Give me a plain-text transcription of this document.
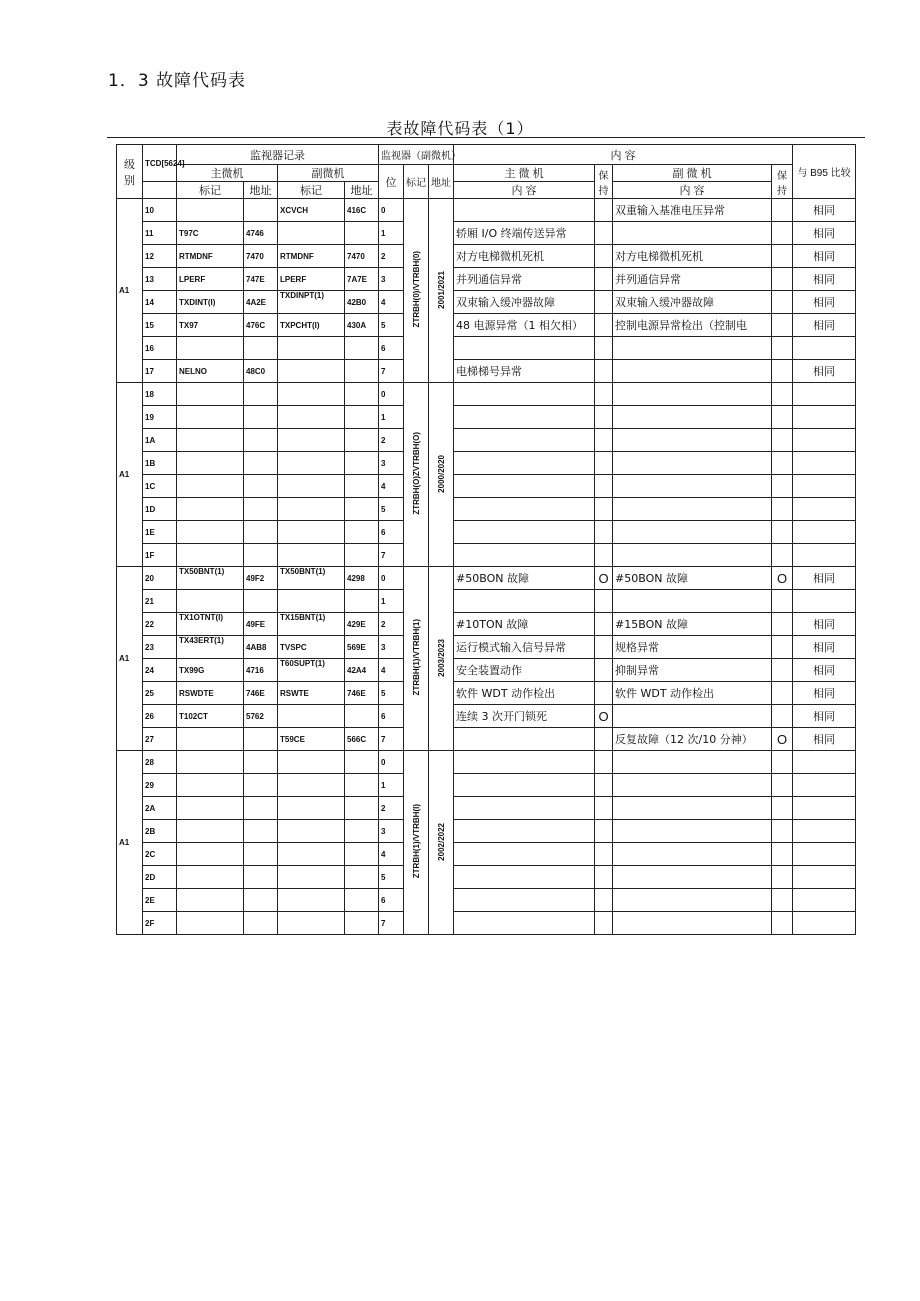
1．3 故障代码表
表故障代码表（1）
级别	TCD[5624]	监视器记录				监视器（副微机）			内 容				与 B95 比较
		主微机		副微机		位	标记	地址	主 微 机	保持	副 微 机	保持	
		标记	地址	标记	地址				内 容		内 容		
A1	10			XCVCH	416C	0	ZTRBH(0)/VTRBH(0)	2001/2021			双重输入基准电压异常		相同
	11	T97C	4746			1			轿厢 I/O 终端传送异常				相同
	12	RTMDNF	7470	RTMDNF	7470	2			对方电梯微机死机		对方电梯微机死机		相同
	13	LPERF	747E	LPERF	7A7E	3			并列通信异常		并列通信异常		相同
	14	TXDINT(I)	4A2E	TXDINPT(1)	42B0	4			双束输入缓冲器故障		双束输入缓冲器故障		相同
	15	TX97	476C	TXPCHT(I)	430A	5			48 电源异常（1 相欠相）		控制电源异常检出（控制电		相同
	16					6							
	17	NELNO	48C0			7			电梯梯号异常				相同
A1	18					0	ZTRBH(O)ZVTRBH(O)	2000/2020					
	19					1							
	1A					2							
	1B					3							
	1C					4							
	1D					5							
	1E					6							
	1F					7							
A1	20	TX50BNT(1)	49F2	TX50BNT(1)	4298	0	ZTRBH(1)/VTRBH(1)	2003/2023	#50BON 故障	O	#50BON 故障	O	相同
	21					1							
	22	TX1OTNT(I)	49FE	TX15BNT(1)	429E	2			#10TON 故障		#15BON 故障		相同
	23	TX43ERT(1)	4AB8	TVSPC	569E	3			运行模式输入信号异常		规格异常		相同
	24	TX99G	4716	T60SUPT(1)	42A4	4			安全装置动作		抑制异常		相同
	25	RSWDTE	746E	RSWTE	746E	5			软件 WDT 动作检出		软件 WDT 动作检出		相同
	26	T102CT	5762			6			连续 3 次开门锁死	O			相同
	27			T59CE	566C	7					反复故障（12 次/10 分神）	O	相同
A1	28					0	ZTRBH(1)/VTRBH(I)	2002/2022					
	29					1							
	2A					2							
	2B					3							
	2C					4							
	2D					5							
	2E					6							
	2F					7							
